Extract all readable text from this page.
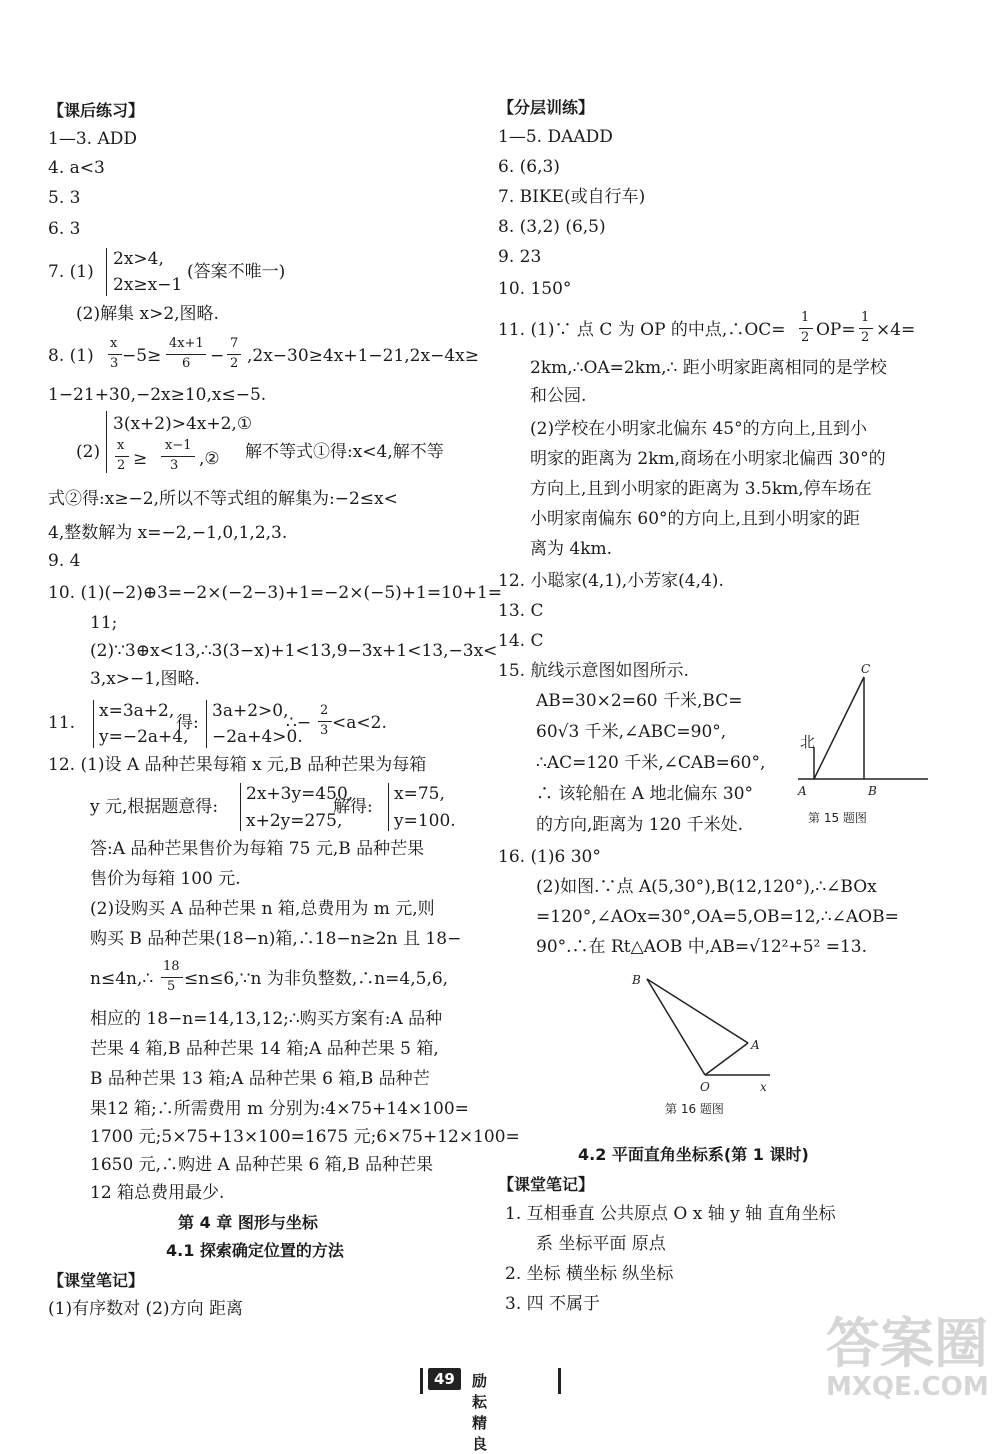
【课后练习】
1—3. ADD
4. a<3
5. 3
6. 3
7. (1)
2x>4,
2x≥x−1
(答案不唯一)
(2)解集 x>2,图略.
8. (1)
x
3 −5≥
4x+1
6 −
7
2 ,2x−30≥4x+1−21,2x−4x≥
1−21+30,−2x≥10,x≤−5.
3(x+2)>4x+2,①
(2) x
2 ≥
x−1
3 ,② 解不等式①得:x<4,解不等
式②得:x≥−2,所以不等式组的解集为:−2≤x<
4,整数解为 x=−2,−1,0,1,2,3.
9. 4
10. (1)(−2)⊕3=−2×(−2−3)+1=−2×(−5)+1=10+1=
11;
(2)∵3⊕x<13,∴3(3−x)+1<13,9−3x+1<13,−3x<
3,x>−1,图略.
11.
x=3a+2,
y=−2a+4,
得:
3a+2>0,
−2a+4>0.
∴−
2
3 <a<2.
12. (1)设 A 品种芒果每箱 x 元,B 品种芒果为每箱
y 元,根据题意得:
2x+3y=450,
x+2y=275,
解得:
x=75,
y=100.
答:A 品种芒果售价为每箱 75 元,B 品种芒果
售价为每箱 100 元.
(2)设购买 A 品种芒果 n 箱,总费用为 m 元,则
购买 B 品种芒果(18−n)箱,∴18−n≥2n 且 18−
n≤4n,∴
18
5 ≤n≤6,∵n 为非负整数,∴n=4,5,6,
相应的 18−n=14,13,12;∴购买方案有:A 品种
芒果 4 箱,B 品种芒果 14 箱;A 品种芒果 5 箱,
B 品种芒果 13 箱;A 品种芒果 6 箱,B 品种芒
果12 箱;∴所需费用 m 分别为:4×75+14×100=
1700 元;5×75+13×100=1675 元;6×75+12×100=
1650 元,∴购进 A 品种芒果 6 箱,B 品种芒果
12 箱总费用最少.
第 4 章 图形与坐标
4.1 探索确定位置的方法
【课堂笔记】
(1)有序数对 (2)方向 距离
【分层训练】
1—5. DAADD
6. (6,3)
7. BIKE(或自行车)
8. (3,2) (6,5)
9. 23
10. 150°
11. (1)∵ 点 C 为 OP 的中点,∴OC=
1
2 OP=
1
2 ×4=
2km,∴OA=2km,∴ 距小明家距离相同的是学校
和公园.
(2)学校在小明家北偏东 45°的方向上,且到小
明家的距离为 2km,商场在小明家北偏西 30°的
方向上,且到小明家的距离为 3.5km,停车场在
小明家南偏东 60°的方向上,且到小明家的距
离为 4km.
12. 小聪家(4,1),小芳家(4,4).
13. C
14. C
15. 航线示意图如图所示.
AB=30×2=60 千米,BC=
60√3 千米,∠ABC=90°,
∴AC=120 千米,∠CAB=60°,
∴ 该轮船在 A 地北偏东 30°
的方向,距离为 120 千米处.
16. (1)6 30°
(2)如图.∵点 A(5,30°),B(12,120°),∴∠BOx
=120°,∠AOx=30°,OA=5,OB=12,∴∠AOB=
90°.∴在 Rt△AOB 中,AB=√12²+5² =13.
4.2 平面直角坐标系(第 1 课时)
【课堂笔记】
1. 互相垂直 公共原点 O x 轴 y 轴 直角坐标
系 坐标平面 原点
2. 坐标 横坐标 纵坐标
3. 四 不属于
北
A	B
C
第 15 题图
B
A
O	x
第 16 题图
49	励耘精良
答案圈
MXQE.COM
